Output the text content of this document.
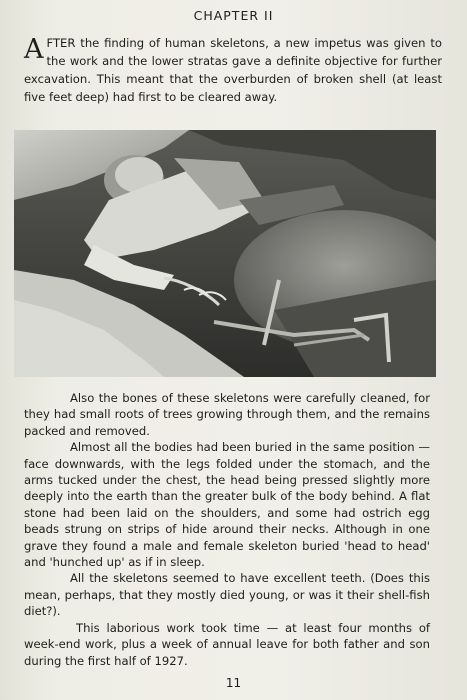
CHAPTER II
A FTER the finding of human skeletons, a new impetus was given to the work and the lower stratas gave a definite objective for further excavation. This meant that the overburden of broken shell (at least five feet deep) had first to be cleared away.

Also the bones of these skeletons were carefully cleaned, for they had small roots of trees growing through them, and the remains packed and removed.

Almost all the bodies had been buried in the same position — face downwards, with the legs folded under the stomach, and the arms tucked under the chest, the head being pressed slightly more deeply into the earth than the greater bulk of the body behind. A flat stone had been laid on the shoulders, and some had ostrich egg beads strung on strips of hide around their necks. Although in one grave they found a male and female skeleton buried 'head to head' and 'hunched up' as if in sleep.

All the skeletons seemed to have excellent teeth. (Does this mean, perhaps, that they mostly died young, or was it their shell-fish diet?).

This laborious work took time — at least four months of week-end work, plus a week of annual leave for both father and son during the first half of 1927.

11
